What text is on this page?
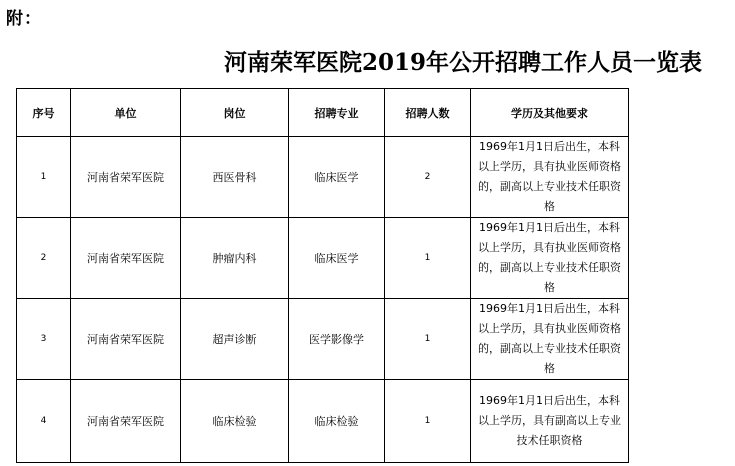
附：
河南荣军医院2019年公开招聘工作人员一览表
序号	单位	岗位	招聘专业	招聘人数	学历及其他要求
1	河南省荣军医院	西医骨科	临床医学	2	1969年1月1日后出生，本科以上学历，具有执业医师资格的，副高以上专业技术任职资格
2	河南省荣军医院	肿瘤内科	临床医学	1	1969年1月1日后出生，本科以上学历，具有执业医师资格的，副高以上专业技术任职资格
3	河南省荣军医院	超声诊断	医学影像学	1	1969年1月1日后出生，本科以上学历，具有执业医师资格的，副高以上专业技术任职资格
4	河南省荣军医院	临床检验	临床检验	1	1969年1月1日后出生，本科以上学历，具有副高以上专业技术任职资格
